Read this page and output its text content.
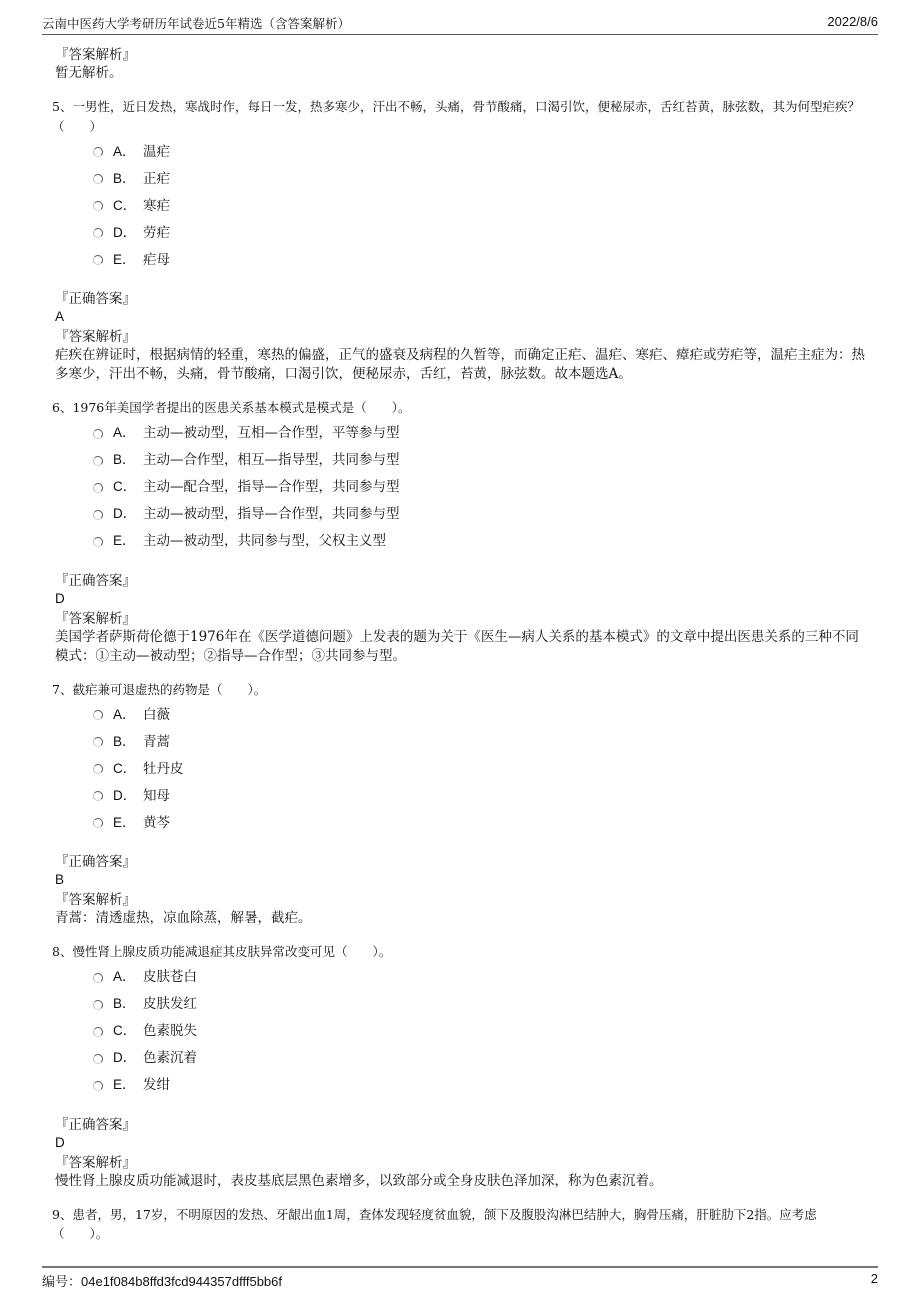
云南中医药大学考研历年试卷近5年精选（含答案解析）	2022/8/6
『答案解析』
暂无解析。
5、一男性，近日发热，寒战时作，每日一发，热多寒少，汗出不畅，头痛，骨节酸痛，口渴引饮，便秘尿赤，舌红苔黄，脉弦数，其为何型疟疾？（　　）
A． 温疟
B． 正疟
C． 寒疟
D． 劳疟
E． 疟母
『正确答案』
A
『答案解析』
疟疾在辨证时，根据病情的轻重，寒热的偏盛，正气的盛衰及病程的久暂等，而确定正疟、温疟、寒疟、瘴疟或劳疟等，温疟主症为：热多寒少，汗出不畅，头痛，骨节酸痛，口渴引饮，便秘尿赤，舌红，苔黄，脉弦数。故本题选A。
6、1976年美国学者提出的医患关系基本模式是模式是（　　）。
A． 主动—被动型，互相—合作型，平等参与型
B． 主动—合作型，相互—指导型，共同参与型
C． 主动—配合型，指导—合作型，共同参与型
D． 主动—被动型，指导—合作型，共同参与型
E． 主动—被动型，共同参与型，父权主义型
『正确答案』
D
『答案解析』
美国学者萨斯荷伦德于1976年在《医学道德问题》上发表的题为关于《医生—病人关系的基本模式》的文章中提出医患关系的三种不同模式：①主动—被动型；②指导—合作型；③共同参与型。
7、截疟兼可退虚热的药物是（　　）。
A． 白薇
B． 青蒿
C． 牡丹皮
D． 知母
E． 黄芩
『正确答案』
B
『答案解析』
青蒿：清透虚热，凉血除蒸，解暑，截疟。
8、慢性肾上腺皮质功能减退症其皮肤异常改变可见（　　）。
A． 皮肤苍白
B． 皮肤发红
C． 色素脱失
D． 色素沉着
E． 发绀
『正确答案』
D
『答案解析』
慢性肾上腺皮质功能减退时，表皮基底层黑色素增多，以致部分或全身皮肤色泽加深，称为色素沉着。
9、患者，男，17岁，不明原因的发热、牙龈出血1周，查体发现轻度贫血貌，颌下及腹股沟淋巴结肿大，胸骨压痛，肝脏肋下2指。应考虑（　　）。
编号：04e1f084b8ffd3fcd944357dfff5bb6f	2
